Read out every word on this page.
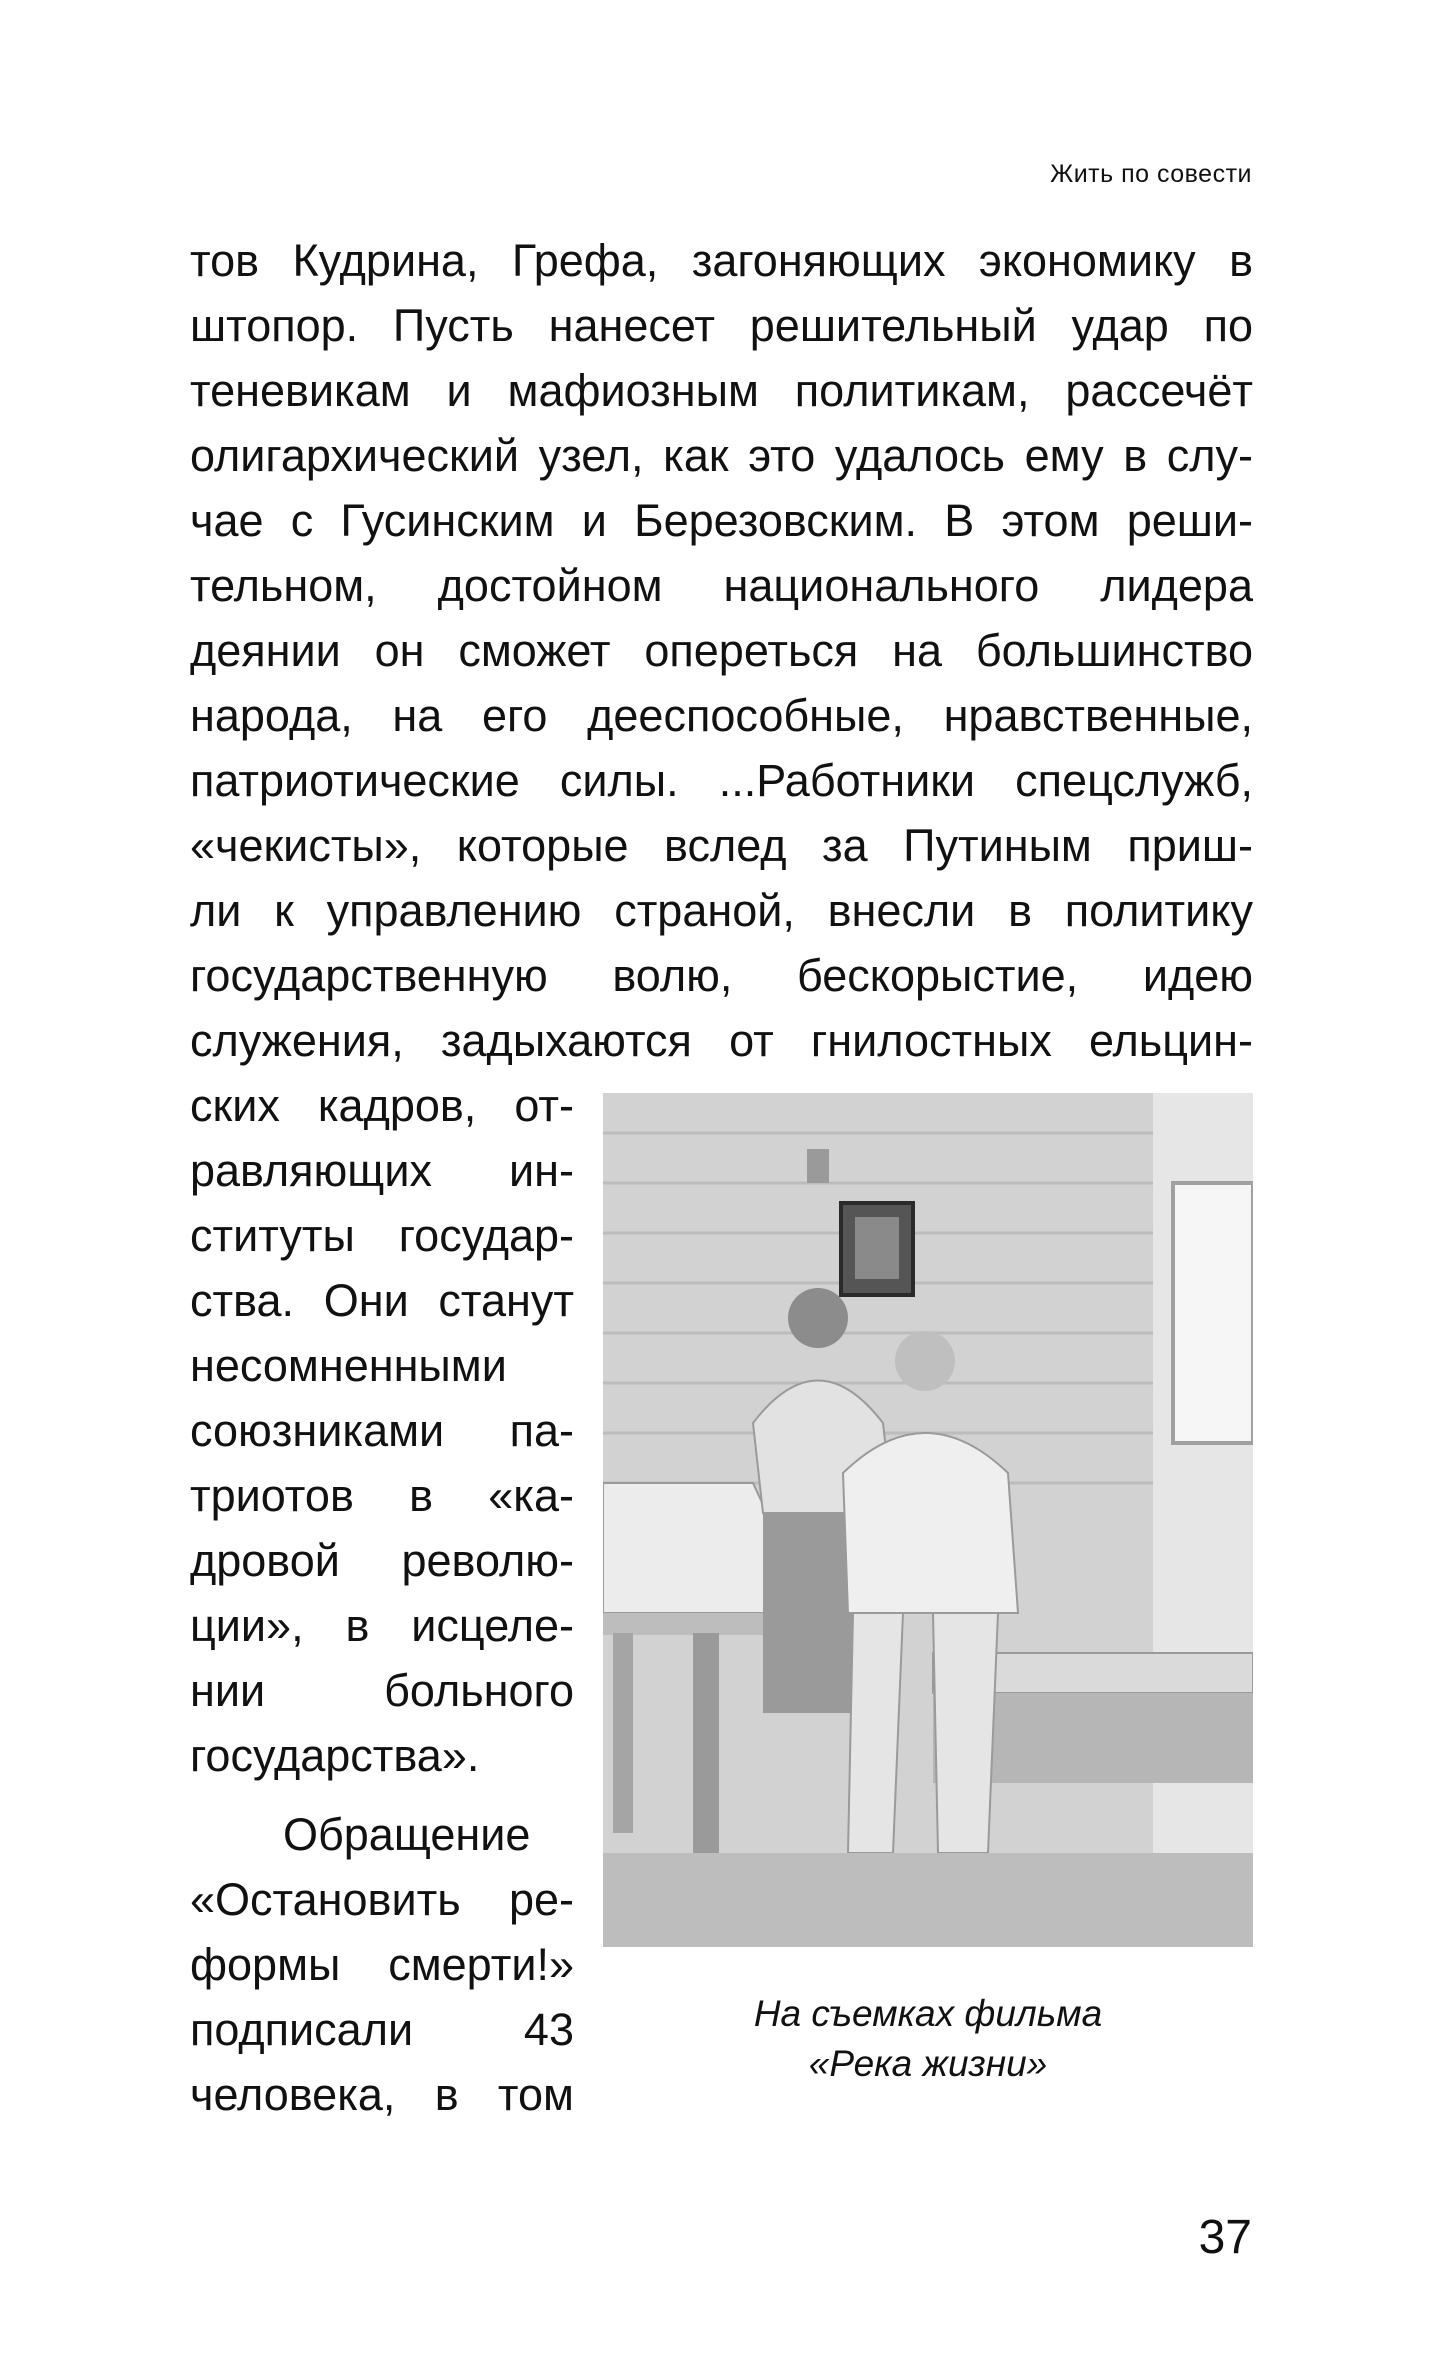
Жить по совести
тов Кудрина, Грефа, загоняющих экономику в
штопор. Пусть нанесет решительный удар по
теневикам и мафиозным политикам, рассечёт
олигархический узел, как это удалось ему в слу-
чае с Гусинским и Березовским. В этом реши-
тельном, достойном национального лидера
деянии он сможет опереться на большинство
народа, на его дееспособные, нравственные,
патриотические силы. ...Работники спецслужб,
«чекисты», которые вслед за Путиным приш-
ли к управлению страной, внесли в политику
государственную волю, бескорыстие, идею
служения, задыхаются от гнилостных ельцин-
ских кадров, от-
равляющих ин-
ституты государ-
ства. Они станут
несомненными
союзниками па-
триотов в «ка-
дровой револю-
ции», в исцеле-
нии больного
государства».
Обращение
«Остановить ре-
формы смерти!»
подписали 43
человека, в том
На съемках фильма
«Река жизни»
37
